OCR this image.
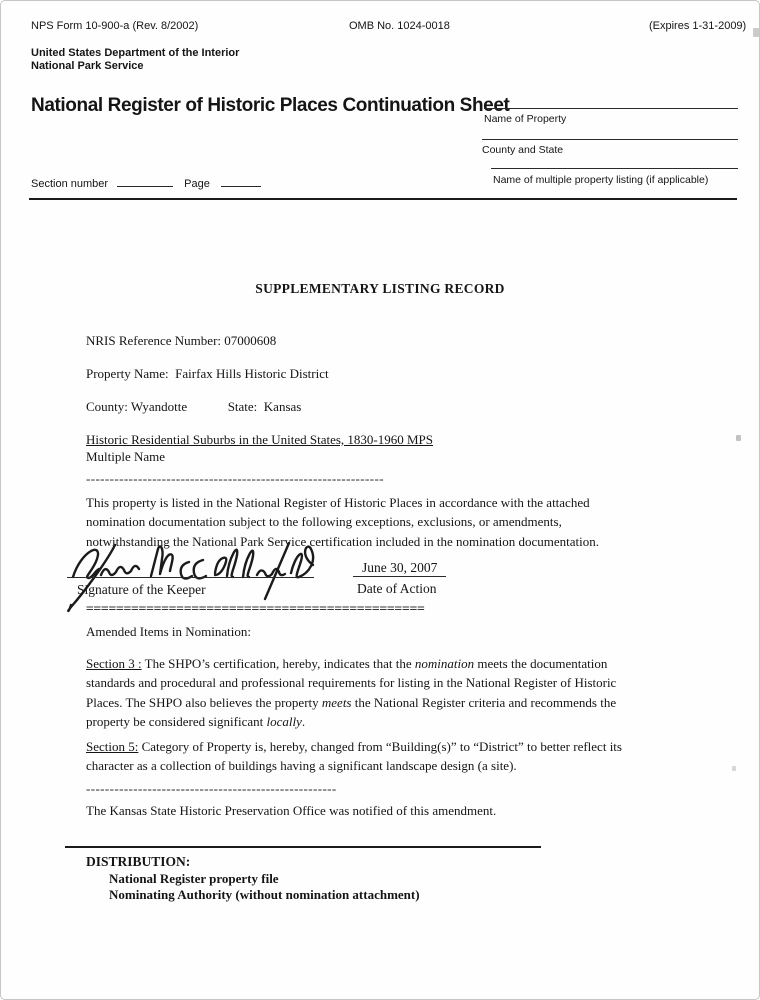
NPS Form 10-900-a (Rev. 8/2002)	OMB No. 1024-0018	(Expires 1-31-2009)
United States Department of the Interior
National Park Service
National Register of Historic Places Continuation Sheet
Name of Property
County and State
Name of multiple property listing (if applicable)
Section number	Page
SUPPLEMENTARY LISTING RECORD
NRIS Reference Number: 07000608
Property Name: Fairfax Hills Historic District
County: Wyandotte	State: Kansas
Historic Residential Suburbs in the United States, 1830-1960 MPS
Multiple Name
---------------------------------------------------------------
This property is listed in the National Register of Historic Places in accordance with the attached
nomination documentation subject to the following exceptions, exclusions, or amendments,
notwithstanding the National Park Service certification included in the nomination documentation.
Signature of the Keeper
June 30, 2007
Date of Action
=============================================
Amended Items in Nomination:
Section 3 : The SHPO’s certification, hereby, indicates that the nomination meets the documentation
standards and procedural and professional requirements for listing in the National Register of Historic
Places. The SHPO also believes the property meets the National Register criteria and recommends the
property be considered significant locally.
Section 5: Category of Property is, hereby, changed from “Building(s)” to “District” to better reflect its
character as a collection of buildings having a significant landscape design (a site).
-----------------------------------------------------
The Kansas State Historic Preservation Office was notified of this amendment.
DISTRIBUTION:
National Register property file
Nominating Authority (without nomination attachment)
